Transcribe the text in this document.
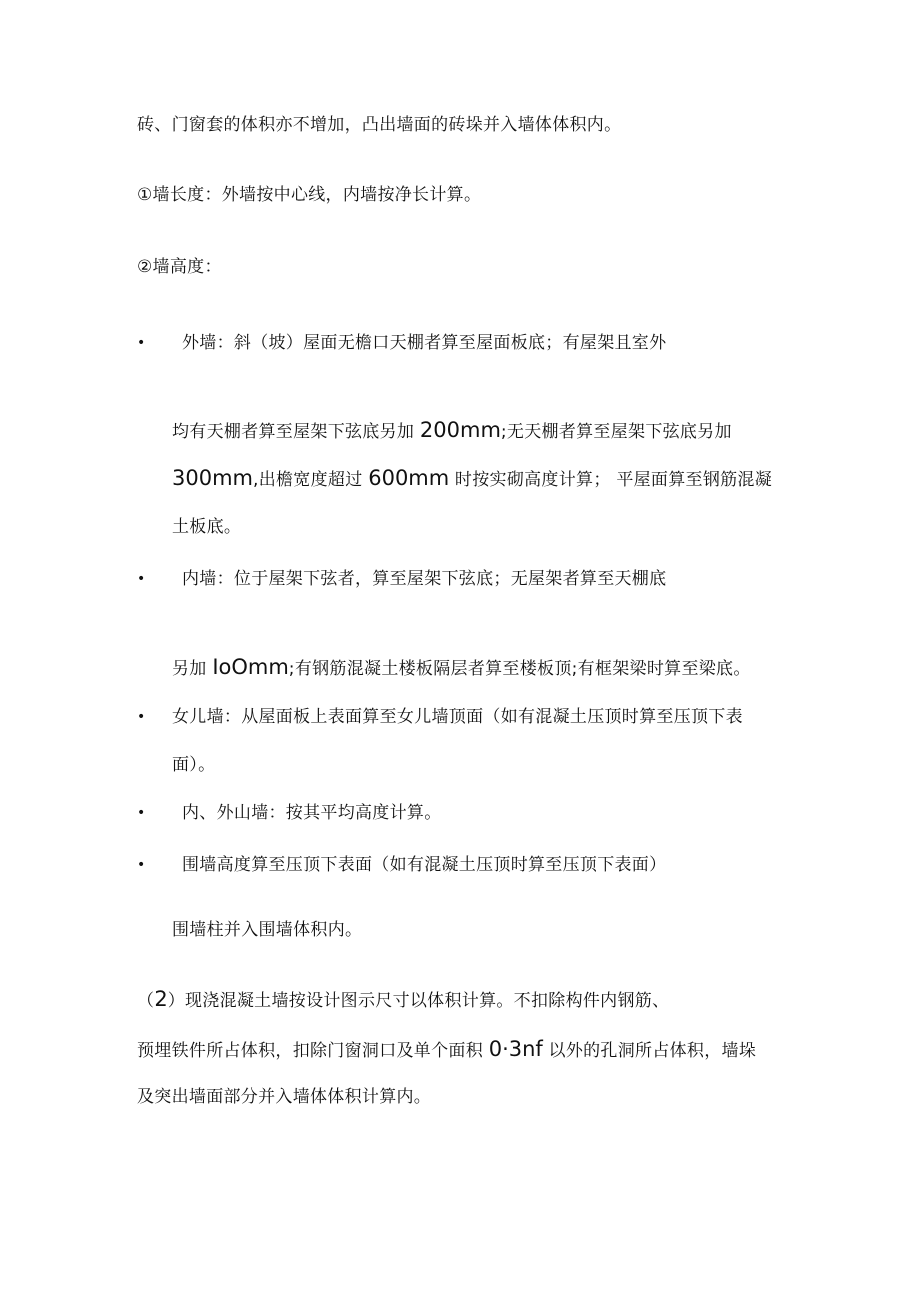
砖、门窗套的体积亦不增加，凸出墙面的砖垛并入墙体体积内。
①墙长度：外墙按中心线，内墙按净长计算。
②墙高度：
• 外墙：斜（坡）屋面无檐口天棚者算至屋面板底；有屋架且室外
均有天棚者算至屋架下弦底另加 200mm;无天棚者算至屋架下弦底另加
300mm,出檐宽度超过 600mm 时按实砌高度计算； 平屋面算至钢筋混凝
土板底。
• 内墙：位于屋架下弦者，算至屋架下弦底；无屋架者算至天棚底
另加 IoOmm;有钢筋混凝土楼板隔层者算至楼板顶;有框架梁时算至梁底。
• 女儿墙：从屋面板上表面算至女儿墙顶面（如有混凝土压顶时算至压顶下表
面）。
• 内、外山墙：按其平均高度计算。
• 围墙高度算至压顶下表面（如有混凝土压顶时算至压顶下表面）
围墙柱并入围墙体积内。
（2）现浇混凝土墙按设计图示尺寸以体积计算。不扣除构件内钢筋、
预埋铁件所占体积，扣除门窗洞口及单个面积 0·3nf 以外的孔洞所占体积，墙垛
及突出墙面部分并入墙体体积计算内。
